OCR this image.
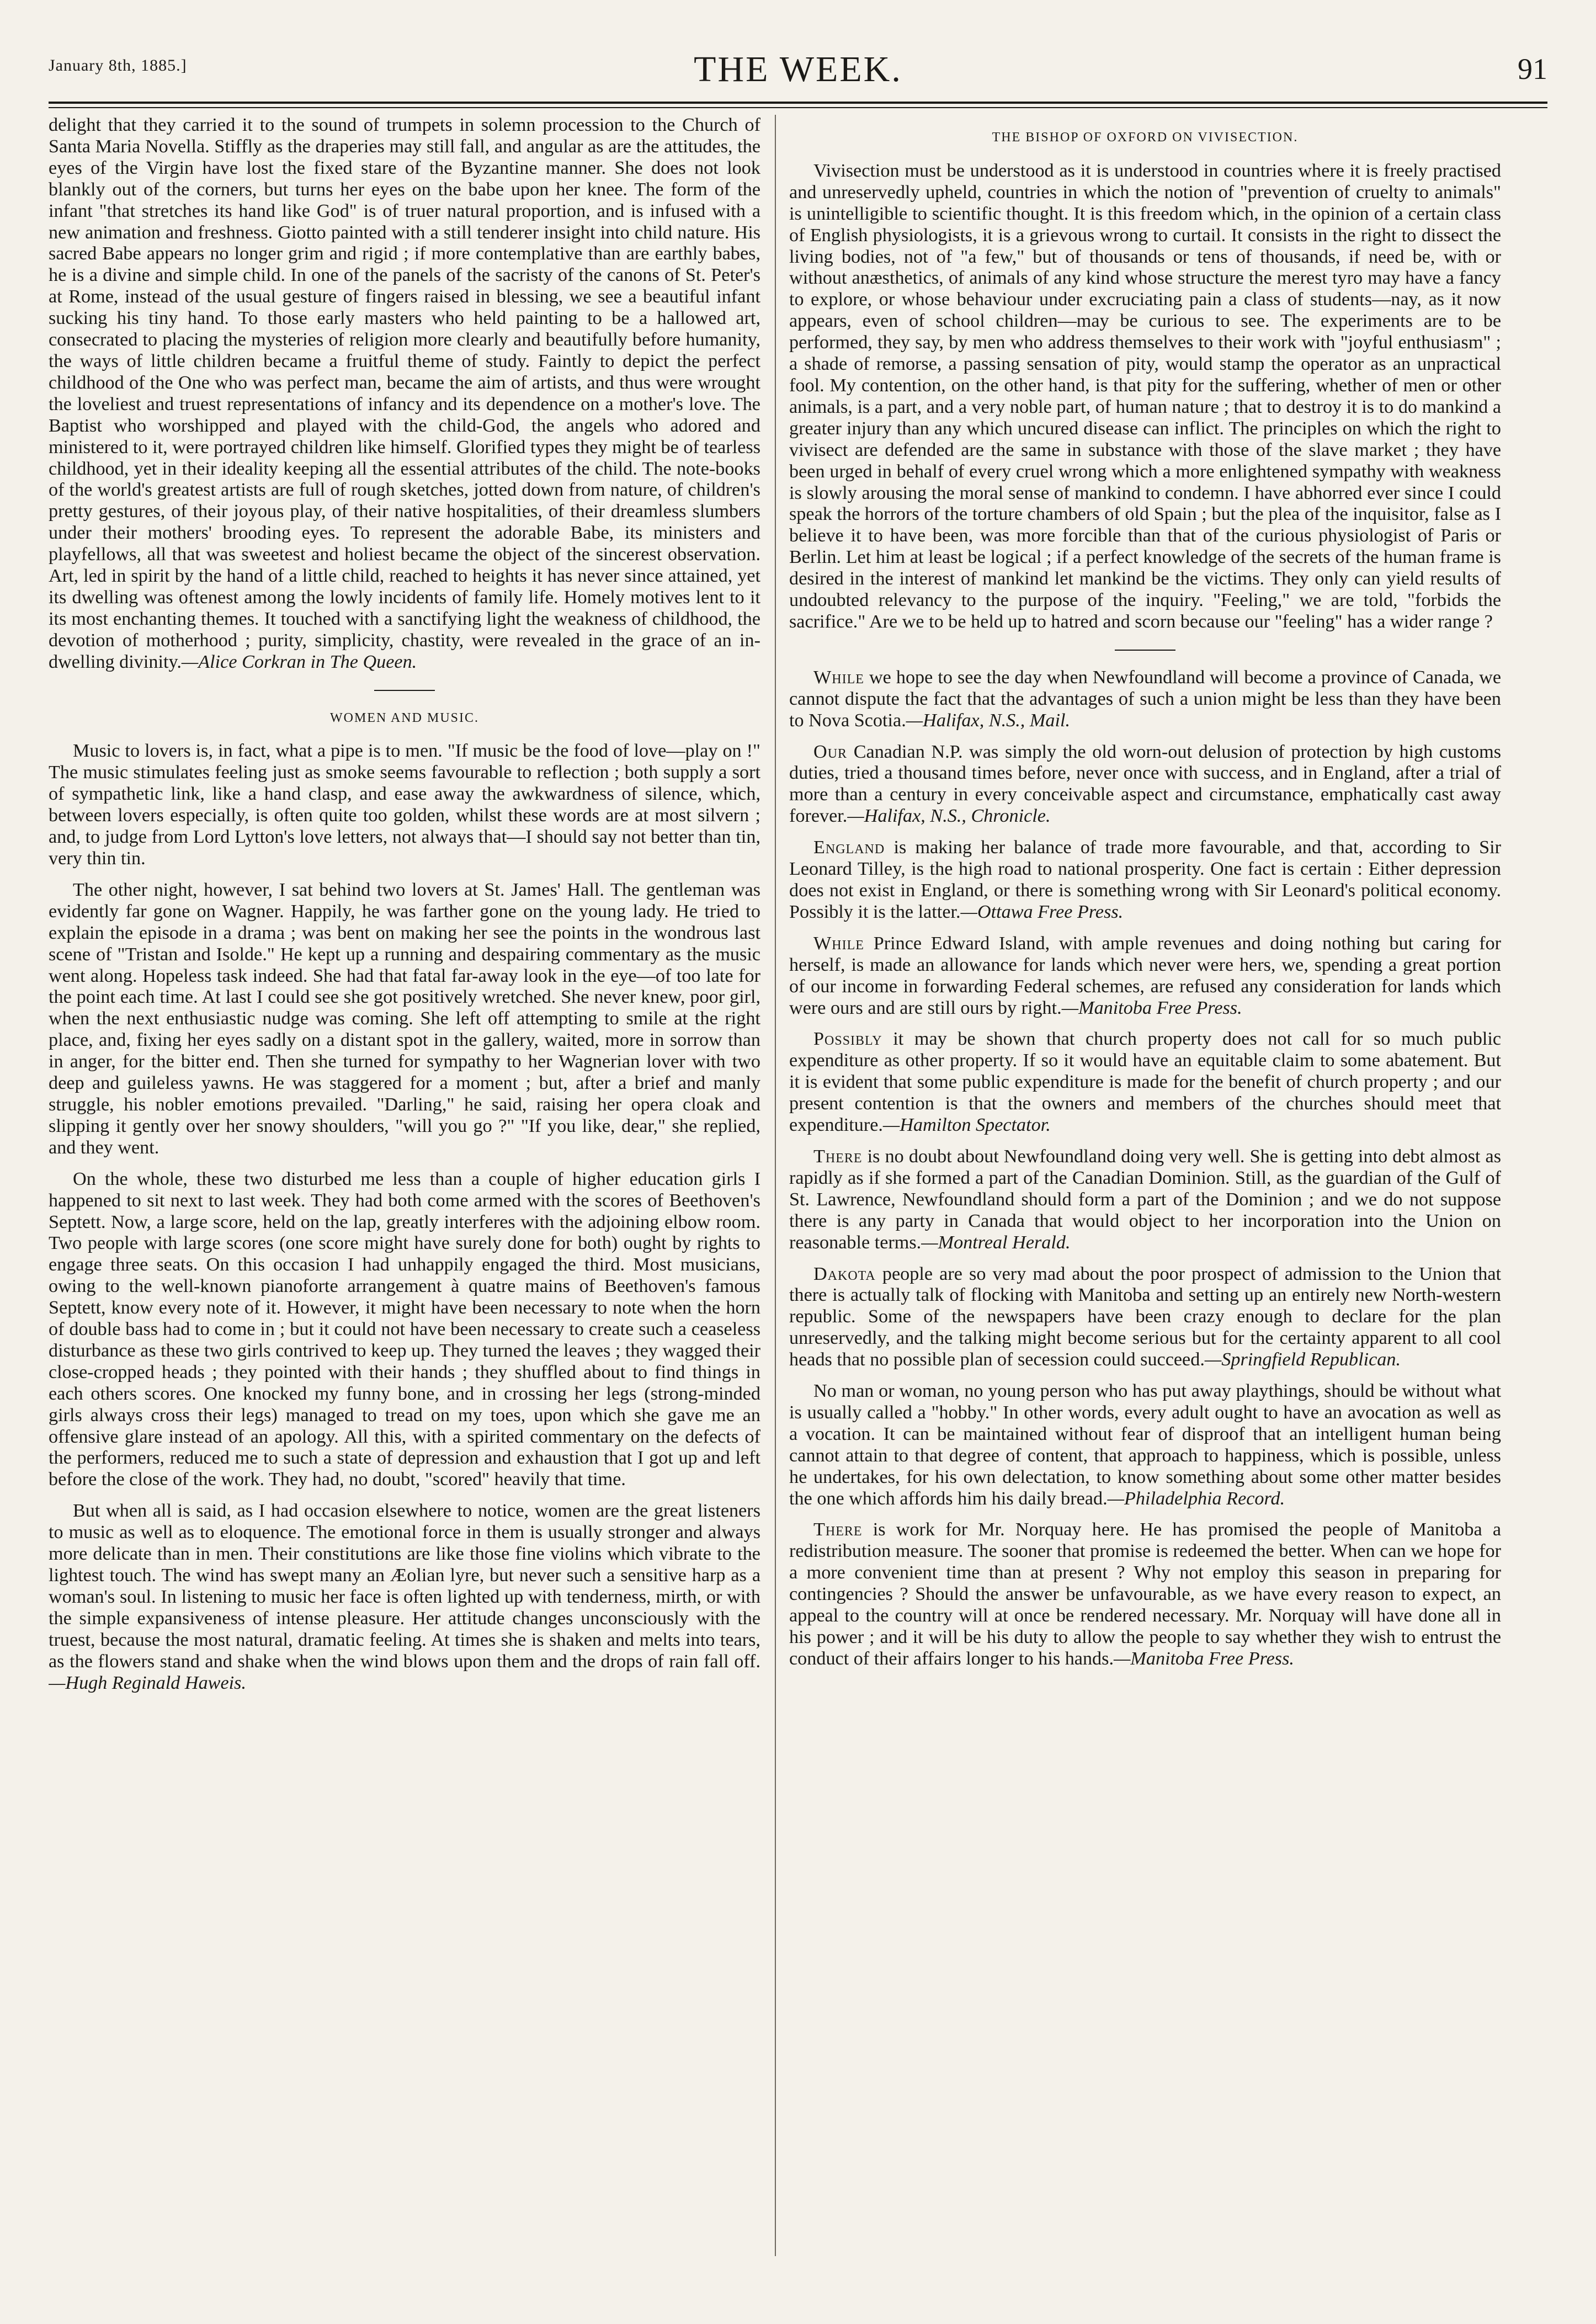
January 8th, 1885.]	THE WEEK.	91

delight that they carried it to the sound of trumpets in solemn procession to the Church of Santa Maria Novella. Stiffly as the draperies may still fall, and angular as are the attitudes, the eyes of the Virgin have lost the fixed stare of the Byzantine manner. She does not look blankly out of the corners, but turns her eyes on the babe upon her knee. The form of the infant "that stretches its hand like God" is of truer natural proportion, and is infused with a new animation and freshness. Giotto painted with a still tenderer insight into child nature. His sacred Babe appears no longer grim and rigid ; if more contemplative than are earthly babes, he is a divine and simple child. In one of the panels of the sacristy of the canons of St. Peter's at Rome, instead of the usual gesture of fingers raised in blessing, we see a beautiful infant sucking his tiny hand. To those early masters who held painting to be a hallowed art, consecrated to placing the mysteries of religion more clearly and beautifully before humanity, the ways of little children became a fruitful theme of study. Faintly to depict the perfect childhood of the One who was perfect man, became the aim of artists, and thus were wrought the loveliest and truest representations of infancy and its dependence on a mother's love. The Baptist who worshipped and played with the child-God, the angels who adored and ministered to it, were portrayed children like himself. Glorified types they might be of tearless childhood, yet in their ideality keeping all the essential attributes of the child. The note-books of the world's greatest artists are full of rough sketches, jotted down from nature, of children's pretty gestures, of their joyous play, of their native hospitalities, of their dreamless slumbers under their mothers' brooding eyes. To represent the adorable Babe, its ministers and playfellows, all that was sweetest and holiest became the object of the sincerest observation. Art, led in spirit by the hand of a little child, reached to heights it has never since attained, yet its dwelling was oftenest among the lowly incidents of family life. Homely motives lent to it its most enchanting themes. It touched with a sanctifying light the weakness of childhood, the devotion of motherhood ; purity, simplicity, chastity, were revealed in the grace of an in-dwelling divinity.—Alice Corkran in The Queen.

WOMEN AND MUSIC.

Music to lovers is, in fact, what a pipe is to men. "If music be the food of love—play on !" The music stimulates feeling just as smoke seems favourable to reflection ; both supply a sort of sympathetic link, like a hand clasp, and ease away the awkwardness of silence, which, between lovers especially, is often quite too golden, whilst these words are at most silvern ; and, to judge from Lord Lytton's love letters, not always that—I should say not better than tin, very thin tin.

The other night, however, I sat behind two lovers at St. James' Hall. The gentleman was evidently far gone on Wagner. Happily, he was farther gone on the young lady. He tried to explain the episode in a drama ; was bent on making her see the points in the wondrous last scene of "Tristan and Isolde." He kept up a running and despairing commentary as the music went along. Hopeless task indeed. She had that fatal far-away look in the eye—of too late for the point each time. At last I could see she got positively wretched. She never knew, poor girl, when the next enthusiastic nudge was coming. She left off attempting to smile at the right place, and, fixing her eyes sadly on a distant spot in the gallery, waited, more in sorrow than in anger, for the bitter end. Then she turned for sympathy to her Wagnerian lover with two deep and guileless yawns. He was staggered for a moment ; but, after a brief and manly struggle, his nobler emotions prevailed. "Darling," he said, raising her opera cloak and slipping it gently over her snowy shoulders, "will you go ?" "If you like, dear," she replied, and they went.

On the whole, these two disturbed me less than a couple of higher education girls I happened to sit next to last week. They had both come armed with the scores of Beethoven's Septett. Now, a large score, held on the lap, greatly interferes with the adjoining elbow room. Two people with large scores (one score might have surely done for both) ought by rights to engage three seats. On this occasion I had unhappily engaged the third. Most musicians, owing to the well-known pianoforte arrangement à quatre mains of Beethoven's famous Septett, know every note of it. However, it might have been necessary to note when the horn of double bass had to come in ; but it could not have been necessary to create such a ceaseless disturbance as these two girls contrived to keep up. They turned the leaves ; they wagged their close-cropped heads ; they pointed with their hands ; they shuffled about to find things in each others scores. One knocked my funny bone, and in crossing her legs (strong-minded girls always cross their legs) managed to tread on my toes, upon which she gave me an offensive glare instead of an apology. All this, with a spirited commentary on the defects of the performers, reduced me to such a state of depression and exhaustion that I got up and left before the close of the work. They had, no doubt, "scored" heavily that time.

But when all is said, as I had occasion elsewhere to notice, women are the great listeners to music as well as to eloquence. The emotional force in them is usually stronger and always more delicate than in men. Their constitutions are like those fine violins which vibrate to the lightest touch. The wind has swept many an Æolian lyre, but never such a sensitive harp as a woman's soul. In listening to music her face is often lighted up with tenderness, mirth, or with the simple expansiveness of intense pleasure. Her attitude changes unconsciously with the truest, because the most natural, dramatic feeling. At times she is shaken and melts into tears, as the flowers stand and shake when the wind blows upon them and the drops of rain fall off.—Hugh Reginald Haweis.

THE BISHOP OF OXFORD ON VIVISECTION.

Vivisection must be understood as it is understood in countries where it is freely practised and unreservedly upheld, countries in which the notion of "prevention of cruelty to animals" is unintelligible to scientific thought. It is this freedom which, in the opinion of a certain class of English physiologists, it is a grievous wrong to curtail. It consists in the right to dissect the living bodies, not of "a few," but of thousands or tens of thousands, if need be, with or without anæsthetics, of animals of any kind whose structure the merest tyro may have a fancy to explore, or whose behaviour under excruciating pain a class of students—nay, as it now appears, even of school children—may be curious to see. The experiments are to be performed, they say, by men who address themselves to their work with "joyful enthusiasm" ; a shade of remorse, a passing sensation of pity, would stamp the operator as an unpractical fool. My contention, on the other hand, is that pity for the suffering, whether of men or other animals, is a part, and a very noble part, of human nature ; that to destroy it is to do mankind a greater injury than any which uncured disease can inflict. The principles on which the right to vivisect are defended are the same in substance with those of the slave market ; they have been urged in behalf of every cruel wrong which a more enlightened sympathy with weakness is slowly arousing the moral sense of mankind to condemn. I have abhorred ever since I could speak the horrors of the torture chambers of old Spain ; but the plea of the inquisitor, false as I believe it to have been, was more forcible than that of the curious physiologist of Paris or Berlin. Let him at least be logical ; if a perfect knowledge of the secrets of the human frame is desired in the interest of mankind let mankind be the victims. They only can yield results of undoubted relevancy to the purpose of the inquiry. "Feeling," we are told, "forbids the sacrifice." Are we to be held up to hatred and scorn because our "feeling" has a wider range ?

While we hope to see the day when Newfoundland will become a province of Canada, we cannot dispute the fact that the advantages of such a union might be less than they have been to Nova Scotia.—Halifax, N.S., Mail.

Our Canadian N.P. was simply the old worn-out delusion of protection by high customs duties, tried a thousand times before, never once with success, and in England, after a trial of more than a century in every conceivable aspect and circumstance, emphatically cast away forever.—Halifax, N.S., Chronicle.

England is making her balance of trade more favourable, and that, according to Sir Leonard Tilley, is the high road to national prosperity. One fact is certain : Either depression does not exist in England, or there is something wrong with Sir Leonard's political economy. Possibly it is the latter.—Ottawa Free Press.

While Prince Edward Island, with ample revenues and doing nothing but caring for herself, is made an allowance for lands which never were hers, we, spending a great portion of our income in forwarding Federal schemes, are refused any consideration for lands which were ours and are still ours by right.—Manitoba Free Press.

Possibly it may be shown that church property does not call for so much public expenditure as other property. If so it would have an equitable claim to some abatement. But it is evident that some public expenditure is made for the benefit of church property ; and our present contention is that the owners and members of the churches should meet that expenditure.—Hamilton Spectator.

There is no doubt about Newfoundland doing very well. She is getting into debt almost as rapidly as if she formed a part of the Canadian Dominion. Still, as the guardian of the Gulf of St. Lawrence, Newfoundland should form a part of the Dominion ; and we do not suppose there is any party in Canada that would object to her incorporation into the Union on reasonable terms.—Montreal Herald.

Dakota people are so very mad about the poor prospect of admission to the Union that there is actually talk of flocking with Manitoba and setting up an entirely new North-western republic. Some of the newspapers have been crazy enough to declare for the plan unreservedly, and the talking might become serious but for the certainty apparent to all cool heads that no possible plan of secession could succeed.—Springfield Republican.

No man or woman, no young person who has put away playthings, should be without what is usually called a "hobby." In other words, every adult ought to have an avocation as well as a vocation. It can be maintained without fear of disproof that an intelligent human being cannot attain to that degree of content, that approach to happiness, which is possible, unless he undertakes, for his own delectation, to know something about some other matter besides the one which affords him his daily bread.—Philadelphia Record.

There is work for Mr. Norquay here. He has promised the people of Manitoba a redistribution measure. The sooner that promise is redeemed the better. When can we hope for a more convenient time than at present ? Why not employ this season in preparing for contingencies ? Should the answer be unfavourable, as we have every reason to expect, an appeal to the country will at once be rendered necessary. Mr. Norquay will have done all in his power ; and it will be his duty to allow the people to say whether they wish to entrust the conduct of their affairs longer to his hands.—Manitoba Free Press.
